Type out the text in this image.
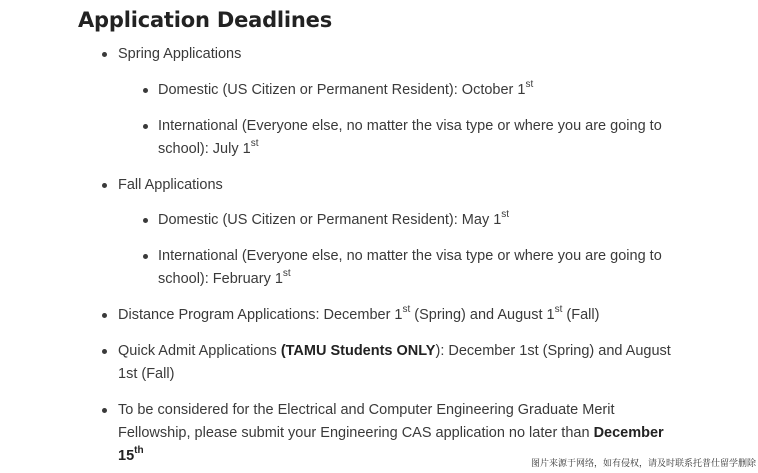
Application Deadlines
Spring Applications
Domestic (US Citizen or Permanent Resident): October 1st
International (Everyone else, no matter the visa type or where you are going to
school): July 1st
Fall Applications
Domestic (US Citizen or Permanent Resident): May 1st
International (Everyone else, no matter the visa type or where you are going to
school): February 1st
Distance Program Applications: December 1st (Spring) and August 1st (Fall)
Quick Admit Applications (TAMU Students ONLY): December 1st (Spring) and August
1st (Fall)
To be considered for the Electrical and Computer Engineering Graduate Merit
Fellowship, please submit your Engineering CAS application no later than December
15th
图片来源于网络，如有侵权，请及时联系托普仕留学删除
